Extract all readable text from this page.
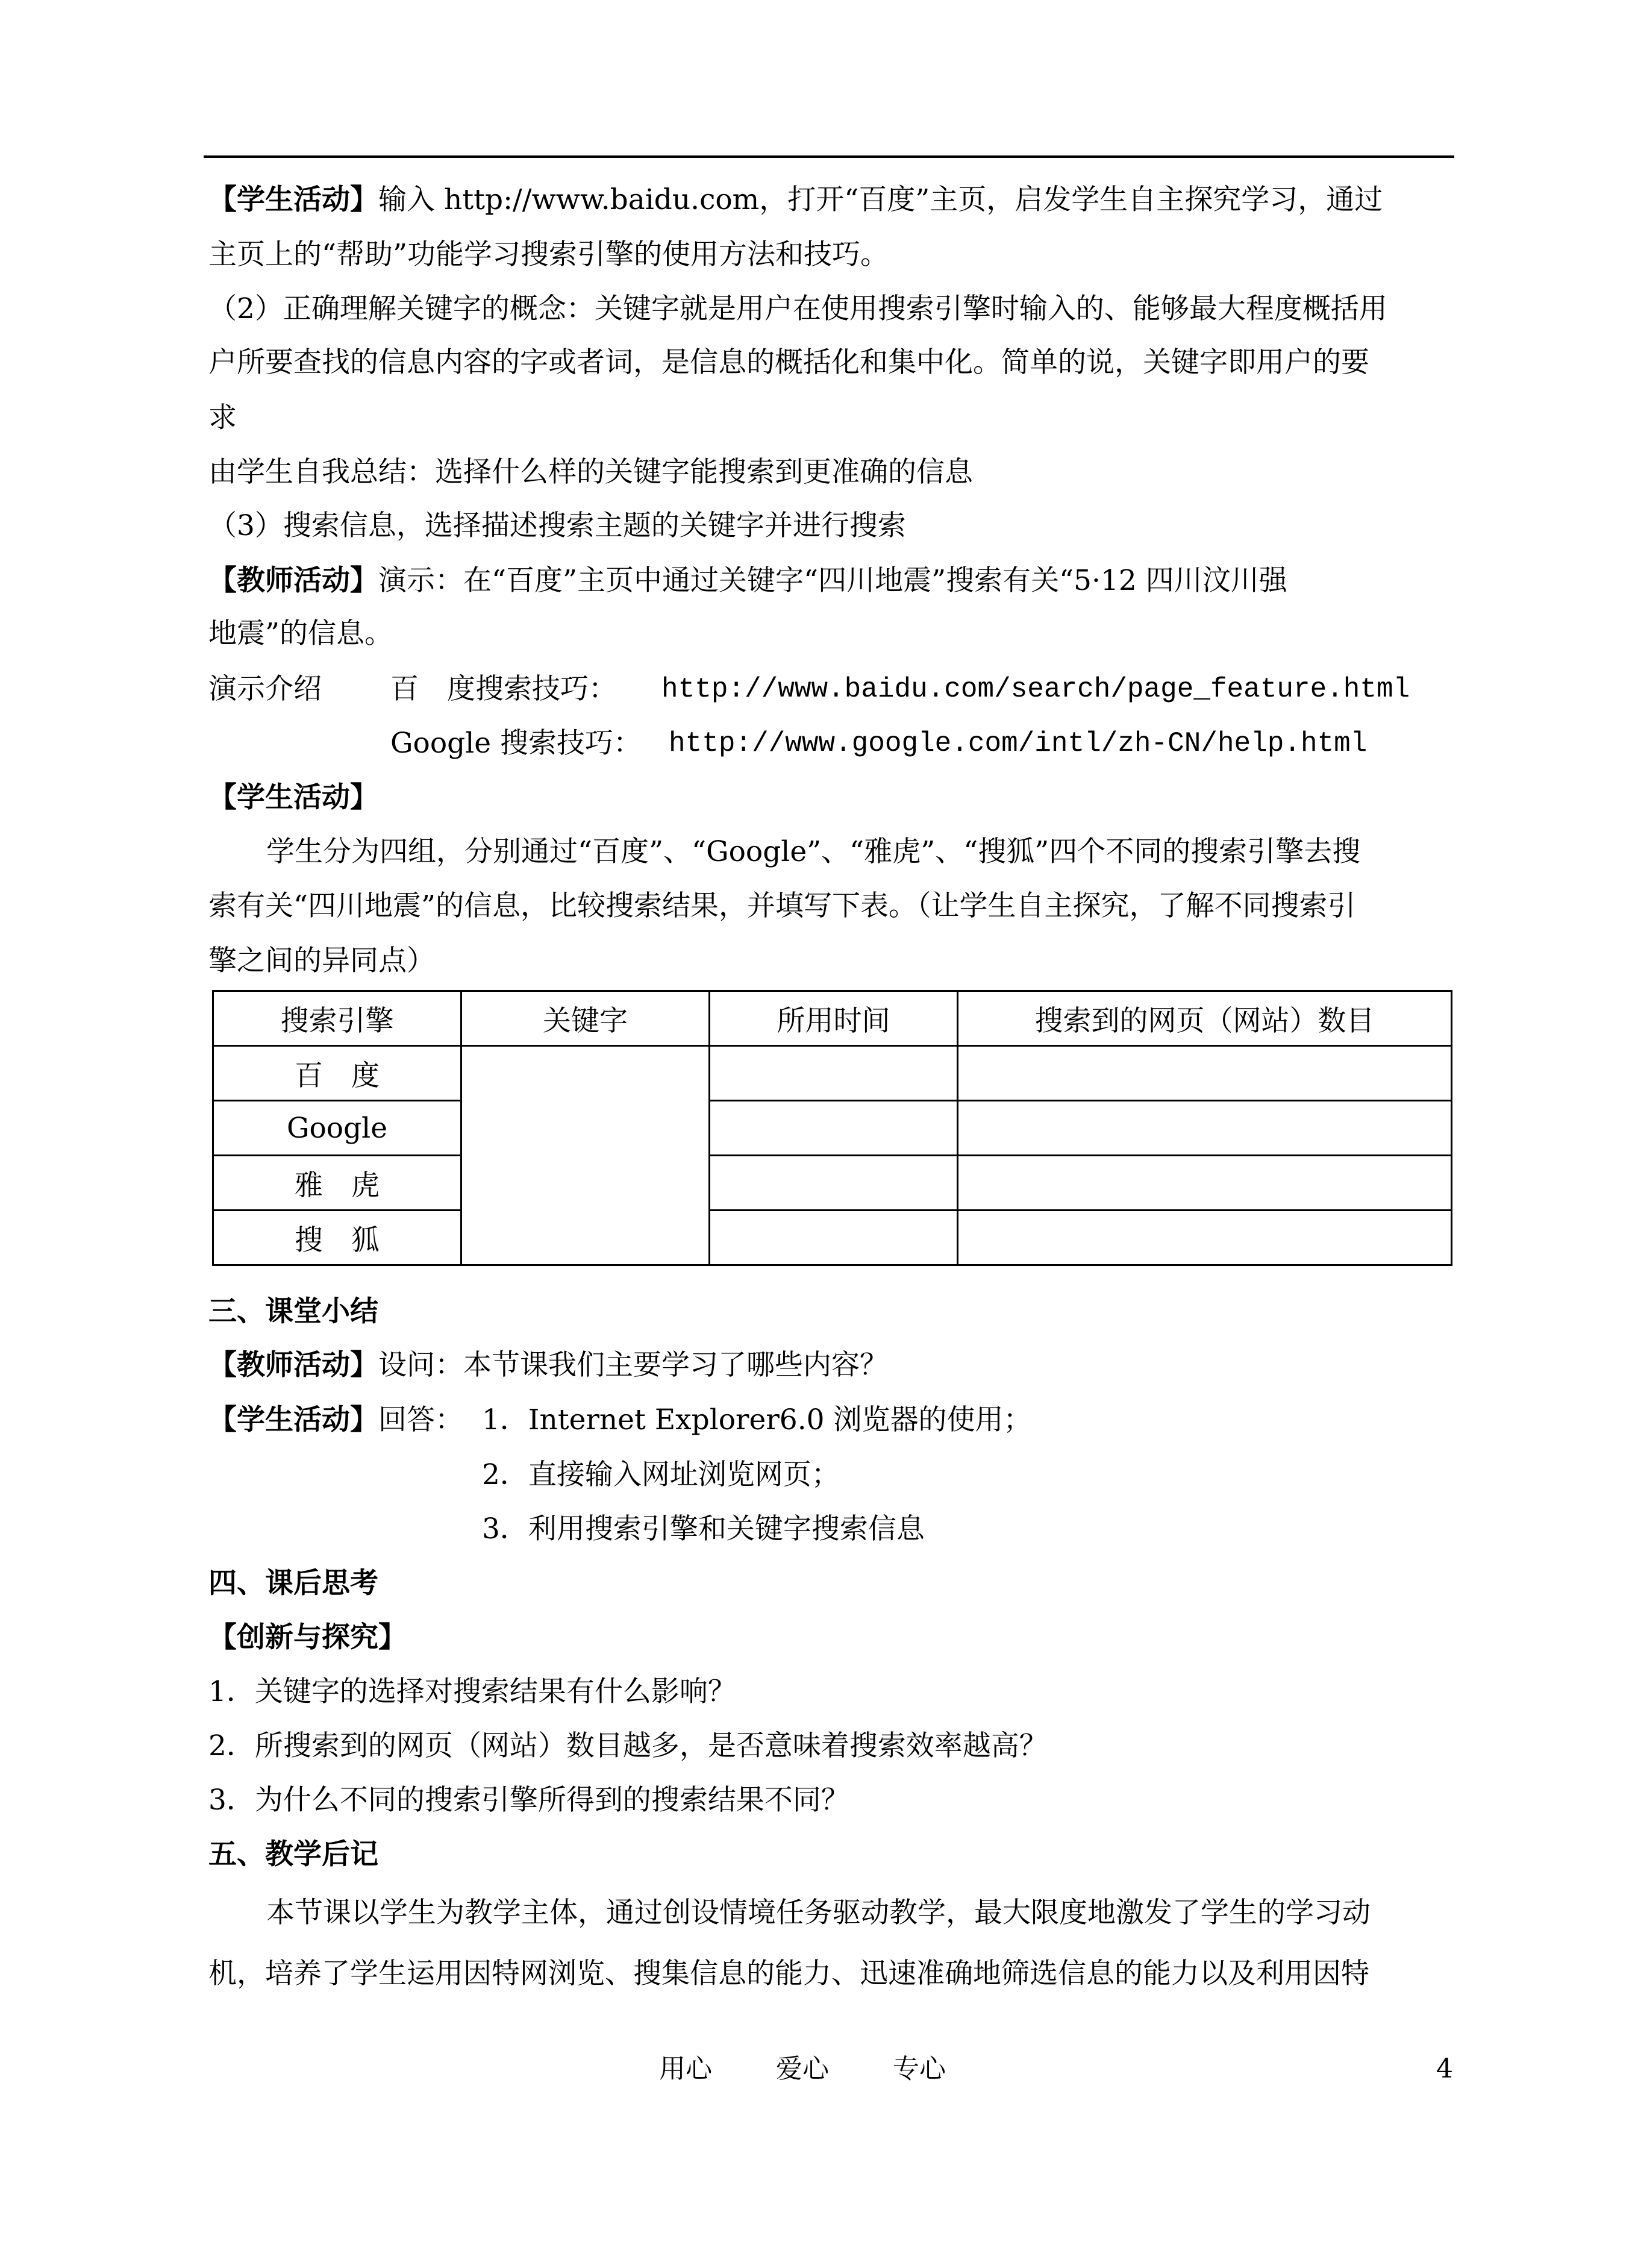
【学生活动】输入 http://www.baidu.com，打开“百度”主页，启发学生自主探究学习，通过
主页上的“帮助”功能学习搜索引擎的使用方法和技巧。
（2）正确理解关键字的概念：关键字就是用户在使用搜索引擎时输入的、能够最大程度概括用
户所要查找的信息内容的字或者词，是信息的概括化和集中化。简单的说，关键字即用户的要
求
由学生自我总结：选择什么样的关键字能搜索到更准确的信息
（3）搜索信息，选择描述搜索主题的关键字并进行搜索
【教师活动】演示：在“百度”主页中通过关键字“四川地震”搜索有关“5·12 四川汶川强
地震”的信息。
演示介绍 百　度搜索技巧： http://www.baidu.com/search/page_feature.html
Google 搜索技巧： http://www.google.com/intl/zh-CN/help.html
【学生活动】
学生分为四组，分别通过“百度”、“Google”、“雅虎”、“搜狐”四个不同的搜索引擎去搜
索有关“四川地震”的信息，比较搜索结果，并填写下表。（让学生自主探究，了解不同搜索引
擎之间的异同点）
搜索引擎	关键字	所用时间	搜索到的网页（网站）数目
百　度			
Google			
雅　虎			
搜　狐			
三、课堂小结
【教师活动】设问：本节课我们主要学习了哪些内容？
【学生活动】回答： 1．Internet Explorer6.0 浏览器的使用；
2．直接输入网址浏览网页；
3．利用搜索引擎和关键字搜索信息
四、课后思考
【创新与探究】
1．关键字的选择对搜索结果有什么影响？
2．所搜索到的网页（网站）数目越多，是否意味着搜索效率越高？
3．为什么不同的搜索引擎所得到的搜索结果不同？
五、教学后记
本节课以学生为教学主体，通过创设情境任务驱动教学，最大限度地激发了学生的学习动
机，培养了学生运用因特网浏览、搜集信息的能力、迅速准确地筛选信息的能力以及利用因特
用心 爱心 专心	4
